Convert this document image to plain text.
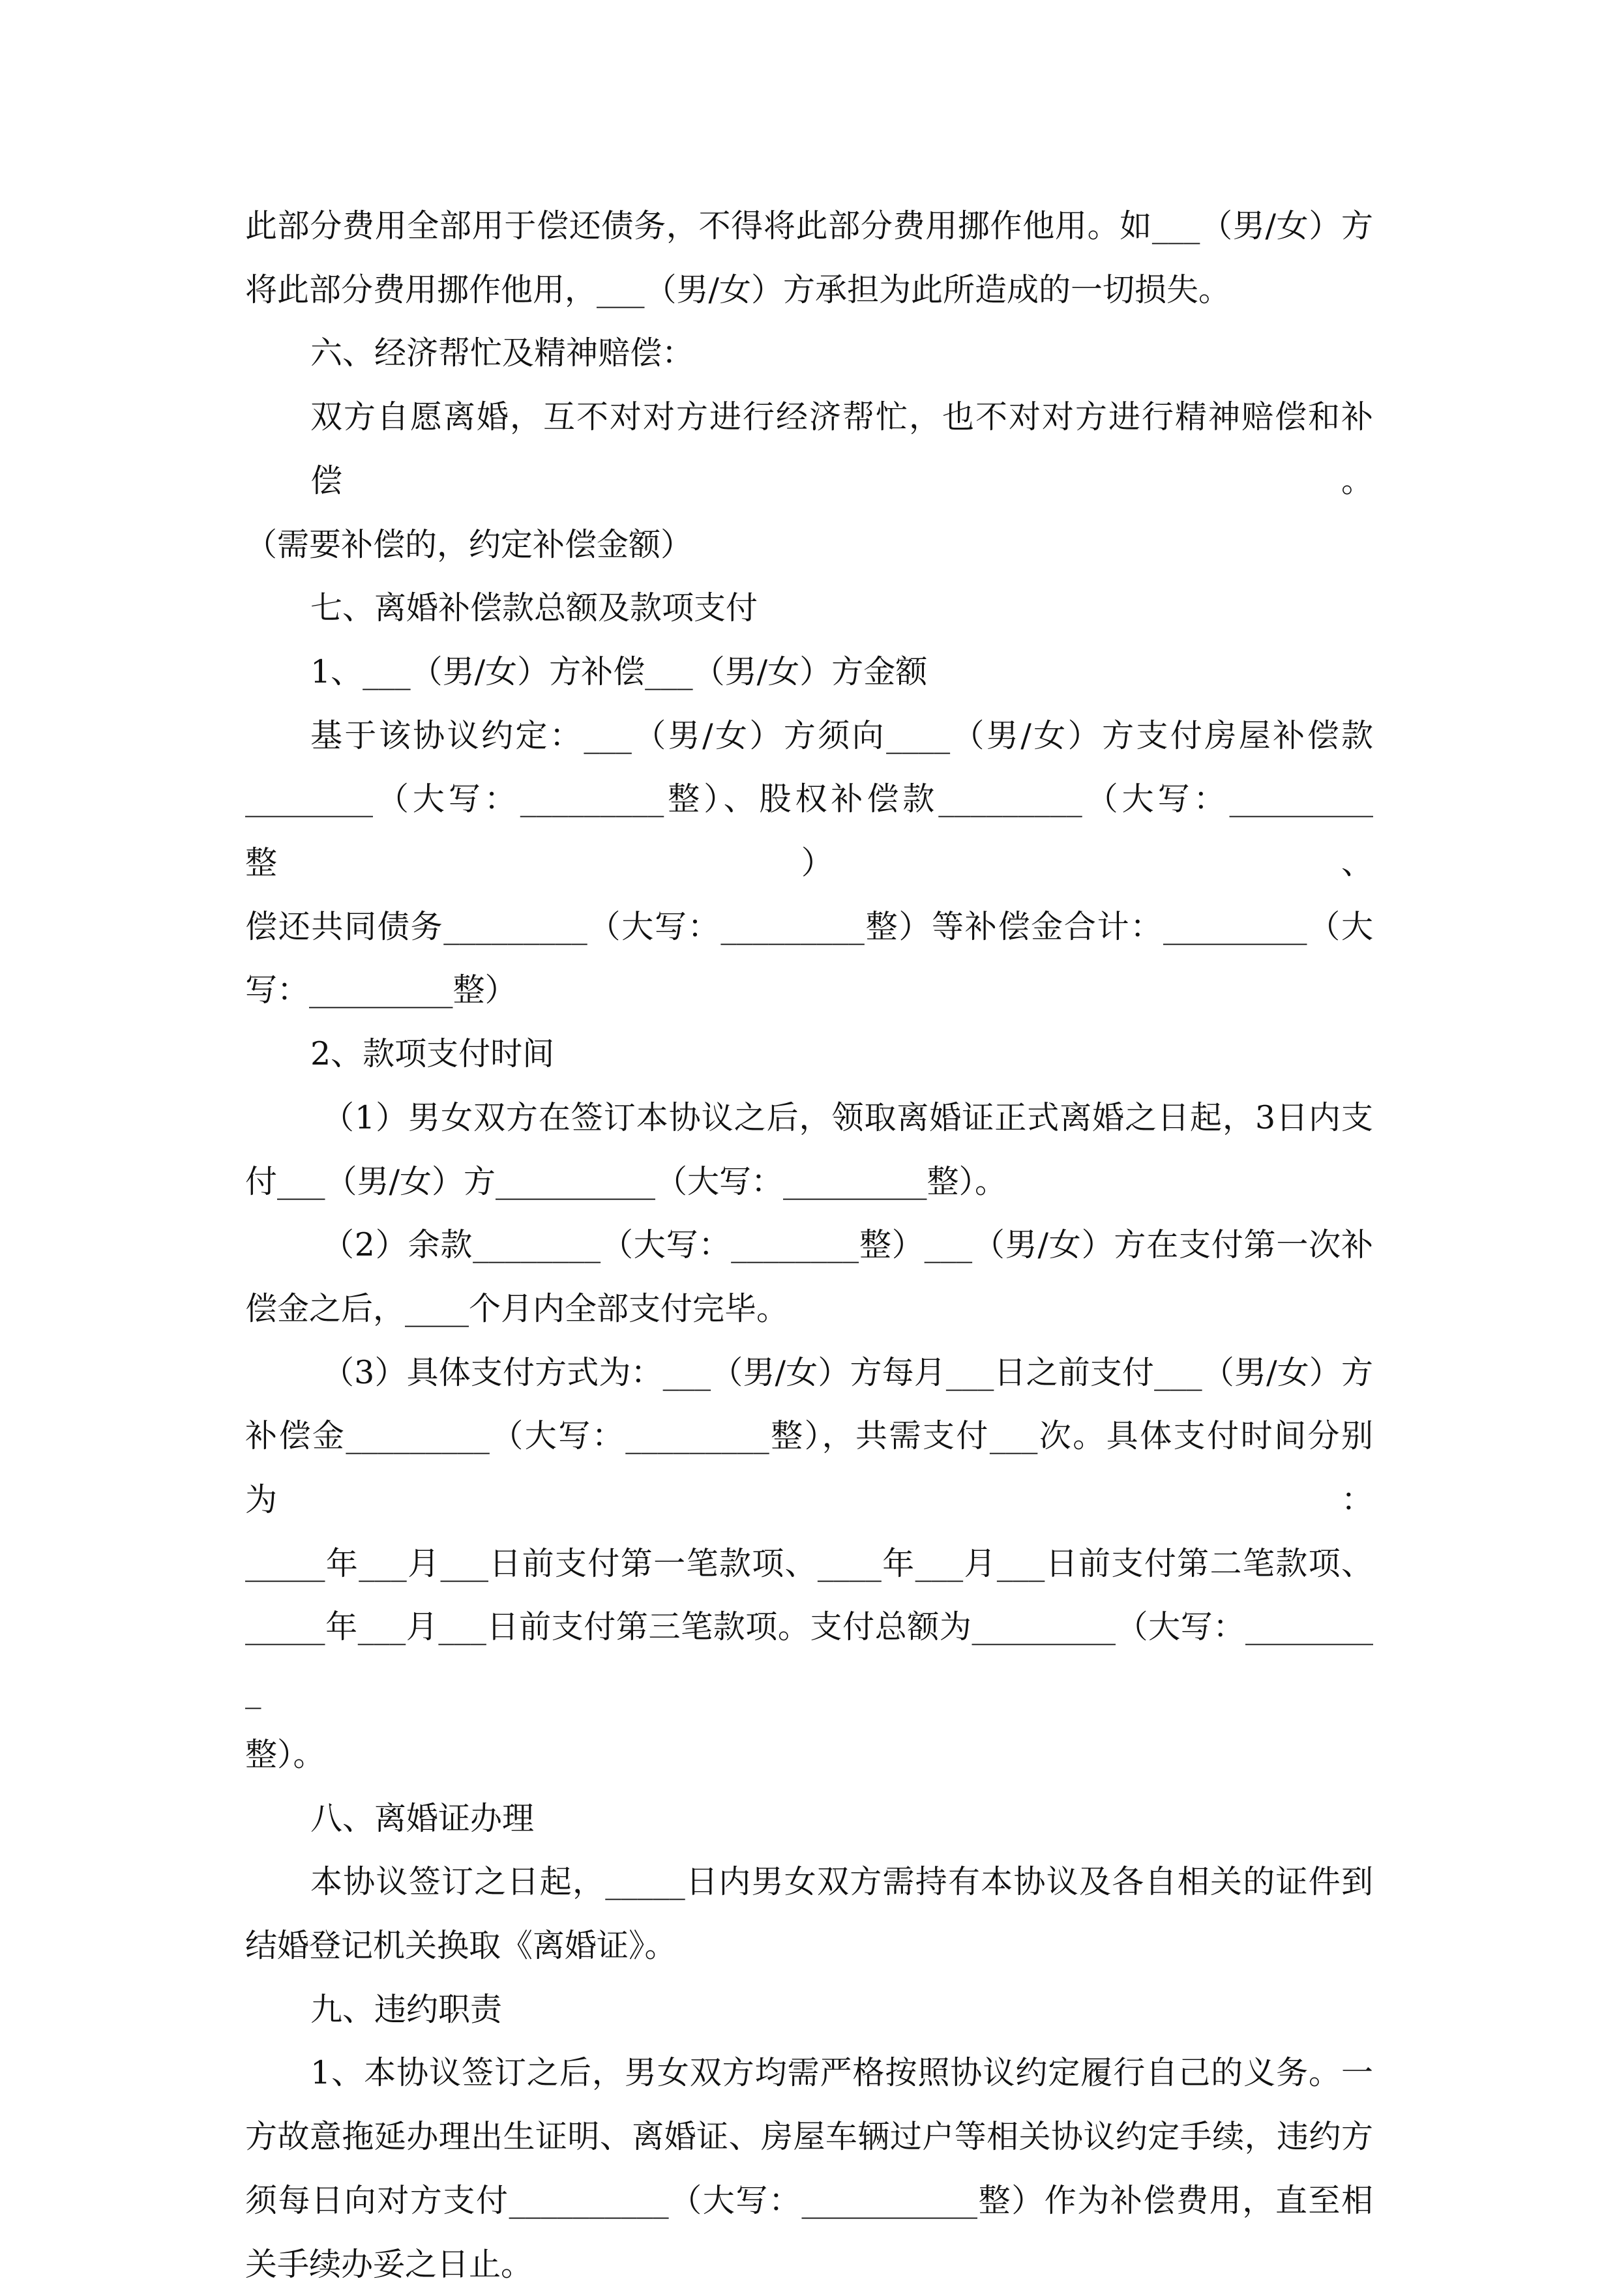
此部分费用全部用于偿还债务，不得将此部分费用挪作他用。如___（男/女）方
将此部分费用挪作他用，___（男/女）方承担为此所造成的一切损失。
六、经济帮忙及精神赔偿：
双方自愿离婚，互不对对方进行经济帮忙，也不对对方进行精神赔偿和补偿。
（需要补偿的，约定补偿金额）
七、离婚补偿款总额及款项支付
1、___（男/女）方补偿___（男/女）方金额
基于该协议约定：___（男/女）方须向____（男/女）方支付房屋补偿款
________（大写：_________整）、股权补偿款_________（大写：_________整）、
偿还共同债务_________（大写：_________整）等补偿金合计：_________（大
写：_________整）
2、款项支付时间
（1）男女双方在签订本协议之后，领取离婚证正式离婚之日起，3日内支
付___（男/女）方__________（大写：_________整）。
（2）余款________（大写：________整）___（男/女）方在支付第一次补
偿金之后，____个月内全部支付完毕。
（3）具体支付方式为：___（男/女）方每月___日之前支付___（男/女）方
补偿金_________（大写：_________整），共需支付___次。具体支付时间分别为：
_____年___月___日前支付第一笔款项、____年___月___日前支付第二笔款项、
_____年___月___日前支付第三笔款项。支付总额为_________（大写：_________
整）。
八、离婚证办理
本协议签订之日起，_____日内男女双方需持有本协议及各自相关的证件到
结婚登记机关换取《离婚证》。
九、违约职责
1、本协议签订之后，男女双方均需严格按照协议约定履行自己的义务。一
方故意拖延办理出生证明、离婚证、房屋车辆过户等相关协议约定手续，违约方
须每日向对方支付__________（大写：___________整）作为补偿费用，直至相
关手续办妥之日止。
